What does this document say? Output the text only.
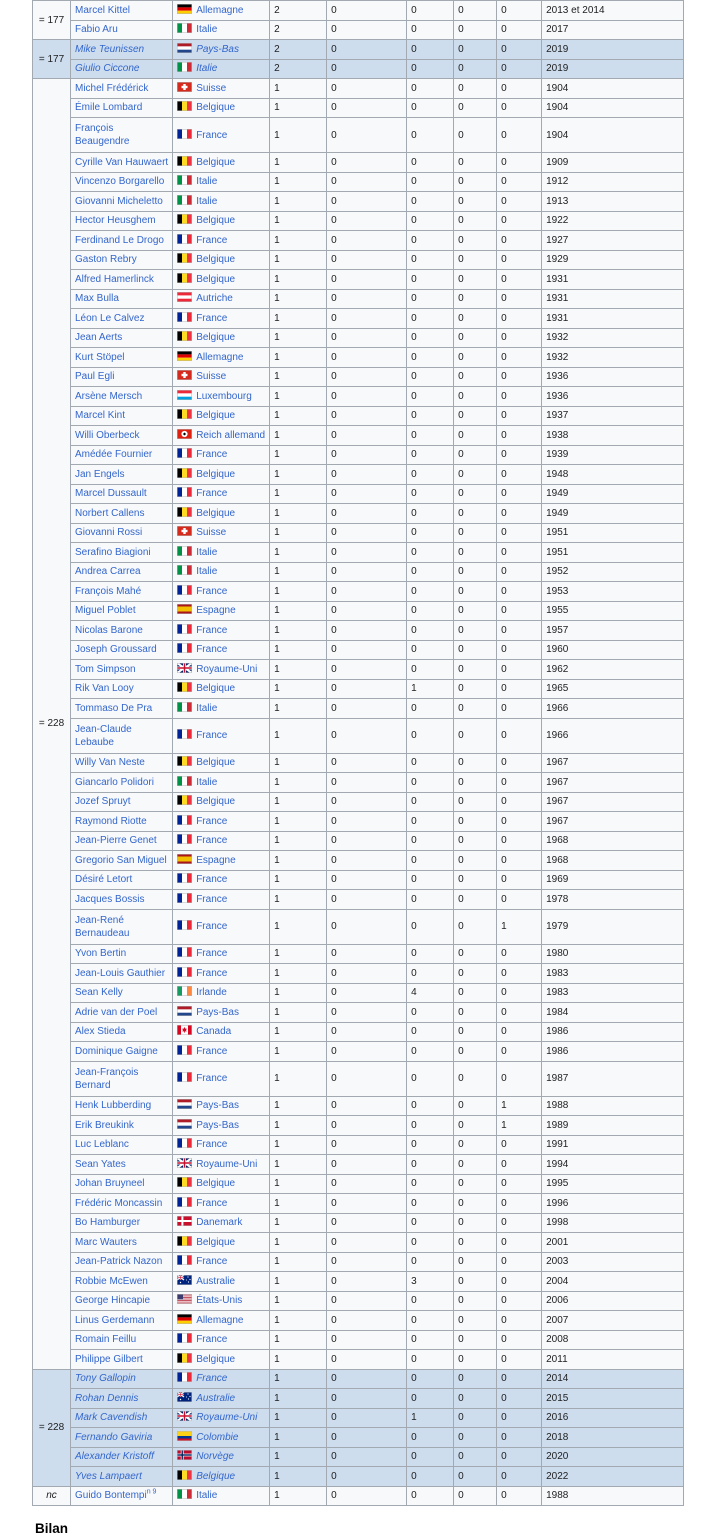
= 177	Marcel Kittel	Allemagne	2	0	0	0	0	2013 et 2014
	Fabio Aru	Italie	2	0	0	0	0	2017
= 177	Mike Teunissen	Pays-Bas	2	0	0	0	0	2019
	Giulio Ciccone	Italie	2	0	0	0	0	2019
= 228	Michel Frédérick	Suisse	1	0	0	0	0	1904
	Émile Lombard	Belgique	1	0	0	0	0	1904
	François
Beaugendre	France	1	0	0	0	0	1904
	Cyrille Van Hauwaert	Belgique	1	0	0	0	0	1909
	Vincenzo Borgarello	Italie	1	0	0	0	0	1912
	Giovanni Micheletto	Italie	1	0	0	0	0	1913
	Hector Heusghem	Belgique	1	0	0	0	0	1922
	Ferdinand Le Drogo	France	1	0	0	0	0	1927
	Gaston Rebry	Belgique	1	0	0	0	0	1929
	Alfred Hamerlinck	Belgique	1	0	0	0	0	1931
	Max Bulla	Autriche	1	0	0	0	0	1931
	Léon Le Calvez	France	1	0	0	0	0	1931
	Jean Aerts	Belgique	1	0	0	0	0	1932
	Kurt Stöpel	Allemagne	1	0	0	0	0	1932
	Paul Egli	Suisse	1	0	0	0	0	1936
	Arsène Mersch	Luxembourg	1	0	0	0	0	1936
	Marcel Kint	Belgique	1	0	0	0	0	1937
	Willi Oberbeck	Reich allemand	1	0	0	0	0	1938
	Amédée Fournier	France	1	0	0	0	0	1939
	Jan Engels	Belgique	1	0	0	0	0	1948
	Marcel Dussault	France	1	0	0	0	0	1949
	Norbert Callens	Belgique	1	0	0	0	0	1949
	Giovanni Rossi	Suisse	1	0	0	0	0	1951
	Serafino Biagioni	Italie	1	0	0	0	0	1951
	Andrea Carrea	Italie	1	0	0	0	0	1952
	François Mahé	France	1	0	0	0	0	1953
	Miguel Poblet	Espagne	1	0	0	0	0	1955
	Nicolas Barone	France	1	0	0	0	0	1957
	Joseph Groussard	France	1	0	0	0	0	1960
	Tom Simpson	Royaume-Uni	1	0	0	0	0	1962
	Rik Van Looy	Belgique	1	0	1	0	0	1965
	Tommaso De Pra	Italie	1	0	0	0	0	1966
	Jean-Claude
Lebaube	France	1	0	0	0	0	1966
	Willy Van Neste	Belgique	1	0	0	0	0	1967
	Giancarlo Polidori	Italie	1	0	0	0	0	1967
	Jozef Spruyt	Belgique	1	0	0	0	0	1967
	Raymond Riotte	France	1	0	0	0	0	1967
	Jean-Pierre Genet	France	1	0	0	0	0	1968
	Gregorio San Miguel	Espagne	1	0	0	0	0	1968
	Désiré Letort	France	1	0	0	0	0	1969
	Jacques Bossis	France	1	0	0	0	0	1978
	Jean-René
Bernaudeau	France	1	0	0	0	1	1979
	Yvon Bertin	France	1	0	0	0	0	1980
	Jean-Louis Gauthier	France	1	0	0	0	0	1983
	Sean Kelly	Irlande	1	0	4	0	0	1983
	Adrie van der Poel	Pays-Bas	1	0	0	0	0	1984
	Alex Stieda	Canada	1	0	0	0	0	1986
	Dominique Gaigne	France	1	0	0	0	0	1986
	Jean-François
Bernard	France	1	0	0	0	0	1987
	Henk Lubberding	Pays-Bas	1	0	0	0	1	1988
	Erik Breukink	Pays-Bas	1	0	0	0	1	1989
	Luc Leblanc	France	1	0	0	0	0	1991
	Sean Yates	Royaume-Uni	1	0	0	0	0	1994
	Johan Bruyneel	Belgique	1	0	0	0	0	1995
	Frédéric Moncassin	France	1	0	0	0	0	1996
	Bo Hamburger	Danemark	1	0	0	0	0	1998
	Marc Wauters	Belgique	1	0	0	0	0	2001
	Jean-Patrick Nazon	France	1	0	0	0	0	2003
	Robbie McEwen	Australie	1	0	3	0	0	2004
	George Hincapie	États-Unis	1	0	0	0	0	2006
	Linus Gerdemann	Allemagne	1	0	0	0	0	2007
	Romain Feillu	France	1	0	0	0	0	2008
	Philippe Gilbert	Belgique	1	0	0	0	0	2011
= 228	Tony Gallopin	France	1	0	0	0	0	2014
	Rohan Dennis	Australie	1	0	0	0	0	2015
	Mark Cavendish	Royaume-Uni	1	0	1	0	0	2016
	Fernando Gaviria	Colombie	1	0	0	0	0	2018
	Alexander Kristoff	Norvège	1	0	0	0	0	2020
	Yves Lampaert	Belgique	1	0	0	0	0	2022
nc	Guido Bontempi$^{n 9}$	Italie	1	0	0	0	0	1988
Bilan
